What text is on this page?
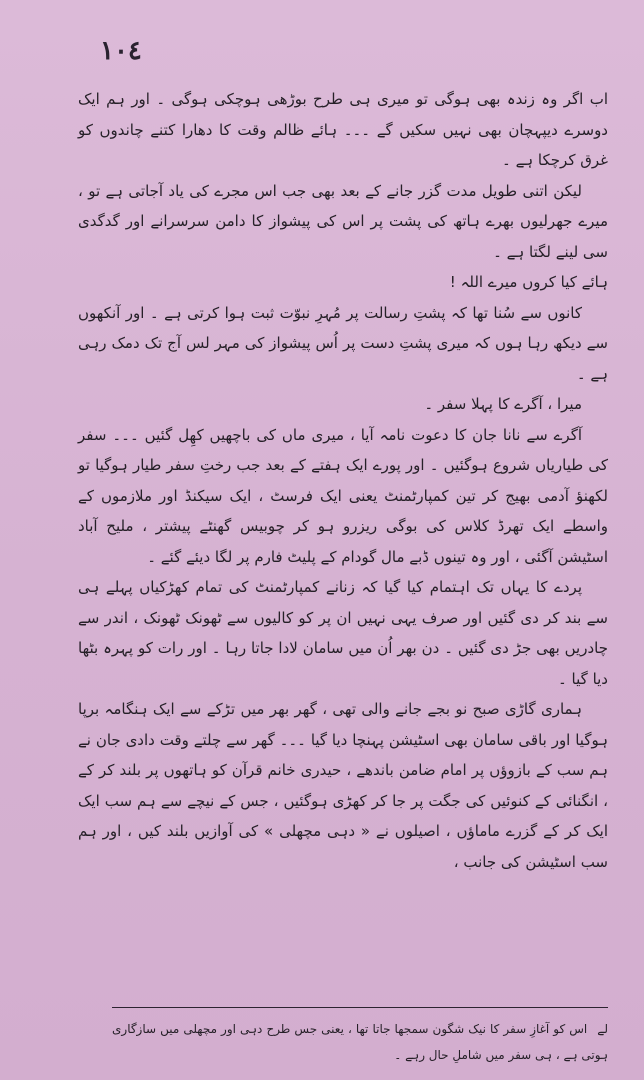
١٠٤

اب اگر وہ زندہ بھی ہوگی تو میری ہی طرح بوڑھی ہوچکی ہوگی ۔ اور ہم ایک دوسرے دیپہچان بھی نہیں سکیں گے ۔۔۔ ہائے ظالم وقت کا دھارا کتنے چاندوں کو غرق کرچکا ہے ۔

لیکن اتنی طویل مدت گزر جانے کے بعد بھی جب اس مجرے کی یاد آجاتی ہے تو ، میرے جھرلیوں بھرے ہاتھ کی پشت پر اس کی پیشواز کا دامن سرسرانے اور گدگدی سی لینے لگتا ہے ۔

ہائے کیا کروں میرے اللہ !

کانوں سے سُنا تھا کہ پشتِ رسالت پر مُہرِ نبوّت ثبت ہوا کرتی ہے ۔ اور آنکھوں سے دیکھ رہا ہوں کہ میری پشتِ دست پر اُس پیشواز کی مہر لس آج تک دمک رہی ہے ۔

میرا ، آگرے کا پہلا سفر ۔

آگرے سے نانا جان کا دعوت نامہ آیا ، میری ماں کی باچھیں کھِل گئیں ۔۔۔ سفر کی طیاریاں شروع ہوگئیں ۔ اور پورے ایک ہفتے کے بعد جب رختِ سفر طیار ہوگیا تو لکھنؤ آدمی بھیج کر تین کمپارٹمنٹ یعنی ایک فرسٹ ، ایک سیکنڈ اور ملازموں کے واسطے ایک تھرڈ کلاس کی بوگی ریزرو ہو کر چوبیس گھنٹے پیشتر ، ملیح آباد اسٹیشن آگئی ، اور وہ تینوں ڈبے مال گودام کے پلیٹ فارم پر لگا دیئے گئے ۔

پردے کا یہاں تک اہتمام کیا گیا کہ زنانے کمپارٹمنٹ کی تمام کھڑکیاں پہلے ہی سے بند کر دی گئیں اور صرف یہی نہیں ان پر کو کالیوں سے ٹھونک ٹھونک ، اندر سے چادریں بھی جڑ دی گئیں ۔ دن بھر اُن میں سامان لادا جاتا رہا ۔ اور رات کو پہرہ بٹھا دیا گیا ۔

ہماری گاڑی صبح نو بجے جانے والی تھی ، گھر بھر میں تڑکے سے ایک ہنگامہ برپا ہوگیا اور باقی سامان بھی اسٹیشن پہنچا دیا گیا ۔۔۔ گھر سے چلتے وقت دادی جان نے ہم سب کے بازوؤں پر امام ضامن باندھے ، حیدری خانم قرآن کو ہاتھوں پر بلند کر کے ، انگنائی کے کنوئیں کی جگت پر جا کر کھڑی ہوگئیں ، جس کے نیچے سے ہم سب ایک ایک کر کے گزرے ماماؤں ، اصیلوں نے « دہی مچھلی » کی آوازیں بلند کیں ، اور ہم سب اسٹیشن کی جانب ،

لے اس کو آغازِ سفر کا نیک شگون سمجھا جاتا تھا ، یعنی جس طرح دہی اور مچھلی میں سازگاری ہوتی ہے ، ہی سفر میں شاملِ حال رہے ۔
